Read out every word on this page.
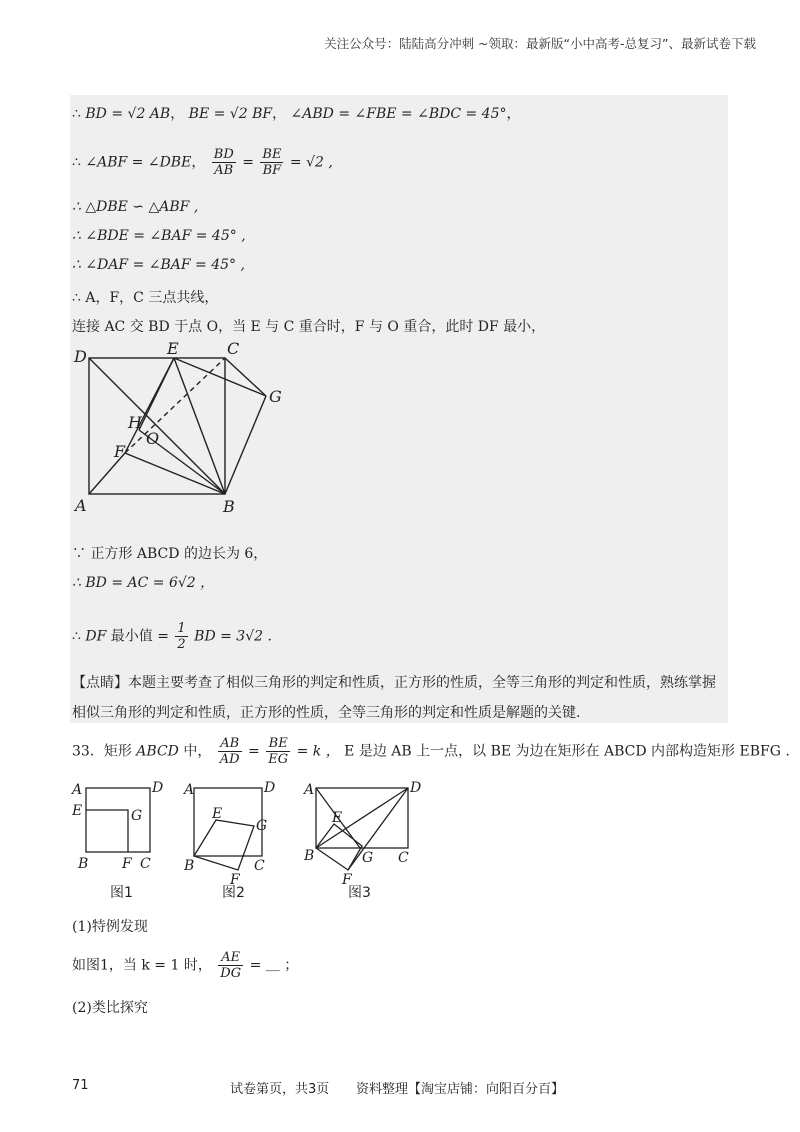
关注公众号：陆陆高分冲刺 ~领取：最新版“小中高考-总复习”、最新试卷下载
∴ BD = √2 AB， BE = √2 BF， ∠ABD = ∠FBE = ∠BDC = 45°，
∴ ∠ABF = ∠DBE， $\frac{BD}{AB} = \frac{BE}{BF} = √2$ ,
∴ △DBE ∽ △ABF ,
∴ ∠BDE = ∠BAF = 45° ,
∴ ∠DAF = ∠BAF = 45° ,
∴ A，F，C 三点共线，
连接 AC 交 BD 于点 O，当 E 与 C 重合时，F 与 O 重合，此时 DF 最小，
D	E	C
G
H
O
F
A	B
∵ 正方形 ABCD 的边长为 6，
∴ BD = AC = 6√2 ，
∴ DF 最小值 = $\frac{1}{2}$ BD = 3√2 .
【点睛】本题主要考查了相似三角形的判定和性质，正方形的性质，全等三角形的判定和性质，熟练掌握相似三角形的判定和性质，正方形的性质，全等三角形的判定和性质是解题的关键.
33．矩形 ABCD 中， $\frac{AB}{AD} = \frac{BE}{EG} = k$ ， E 是边 AB 上一点，以 BE 为边在矩形在 ABCD 内部构造矩形 EBFG .
A	D
E	G
B F C
图1
A	D
E
G
B	C
F
图2
A	D
E
B	G C
F
图3
(1)特例发现
如图1，当 k = 1 时， $\frac{AE}{DG}$ = ＿ ；
(2)类比探究
71	试卷第页，共3页 资料整理【淘宝店铺：向阳百分百】
